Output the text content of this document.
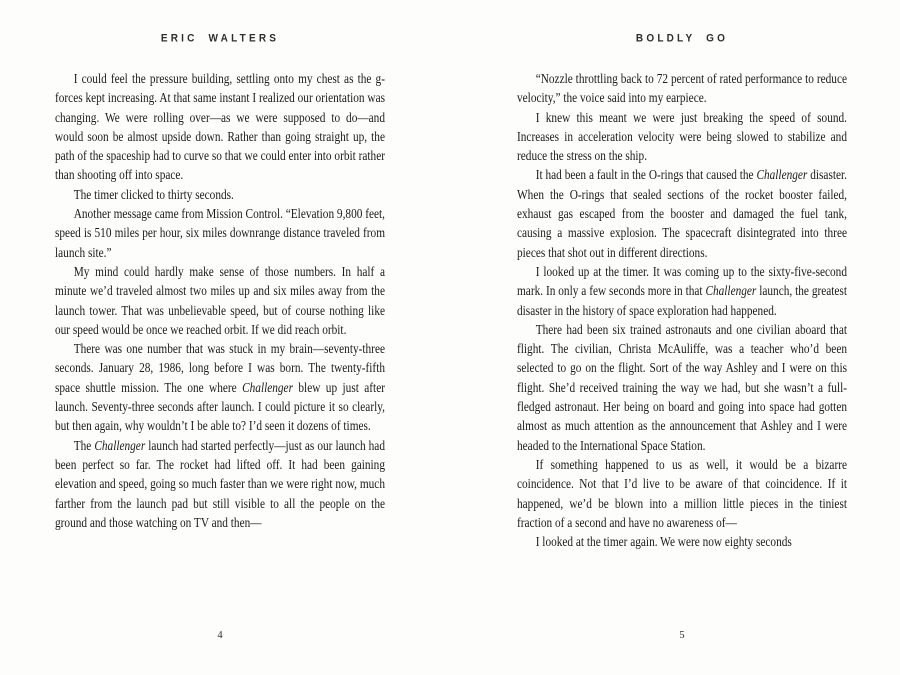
ERIC WALTERS

I could feel the pressure building, settling onto my chest as the g-forces kept increasing. At that same instant I realized our orientation was changing. We were rolling over—as we were supposed to do—and would soon be almost upside down. Rather than going straight up, the path of the spaceship had to curve so that we could enter into orbit rather than shooting off into space.

The timer clicked to thirty seconds.

Another message came from Mission Control. “Elevation 9,800 feet, speed is 510 miles per hour, six miles downrange distance traveled from launch site.”

My mind could hardly make sense of those numbers. In half a minute we’d traveled almost two miles up and six miles away from the launch tower. That was unbelievable speed, but of course nothing like our speed would be once we reached orbit. If we did reach orbit.

There was one number that was stuck in my brain—seventy-three seconds. January 28, 1986, long before I was born. The twenty-fifth space shuttle mission. The one where Challenger blew up just after launch. Seventy-three seconds after launch. I could picture it so clearly, but then again, why wouldn’t I be able to? I’d seen it dozens of times.

The Challenger launch had started perfectly—just as our launch had been perfect so far. The rocket had lifted off. It had been gaining elevation and speed, going so much faster than we were right now, much farther from the launch pad but still visible to all the people on the ground and those watching on TV and then—

4
BOLDLY GO

“Nozzle throttling back to 72 percent of rated performance to reduce velocity,” the voice said into my earpiece.

I knew this meant we were just breaking the speed of sound. Increases in acceleration velocity were being slowed to stabilize and reduce the stress on the ship.

It had been a fault in the O-rings that caused the Challenger disaster. When the O-rings that sealed sections of the rocket booster failed, exhaust gas escaped from the booster and damaged the fuel tank, causing a massive explosion. The spacecraft disintegrated into three pieces that shot out in different directions.

I looked up at the timer. It was coming up to the sixty-five-second mark. In only a few seconds more in that Challenger launch, the greatest disaster in the history of space exploration had happened.

There had been six trained astronauts and one civilian aboard that flight. The civilian, Christa McAuliffe, was a teacher who’d been selected to go on the flight. Sort of the way Ashley and I were on this flight. She’d received training the way we had, but she wasn’t a full-fledged astronaut. Her being on board and going into space had gotten almost as much attention as the announcement that Ashley and I were headed to the International Space Station.

If something happened to us as well, it would be a bizarre coincidence. Not that I’d live to be aware of that coincidence. If it happened, we’d be blown into a million little pieces in the tiniest fraction of a second and have no awareness of—

I looked at the timer again. We were now eighty seconds

5
